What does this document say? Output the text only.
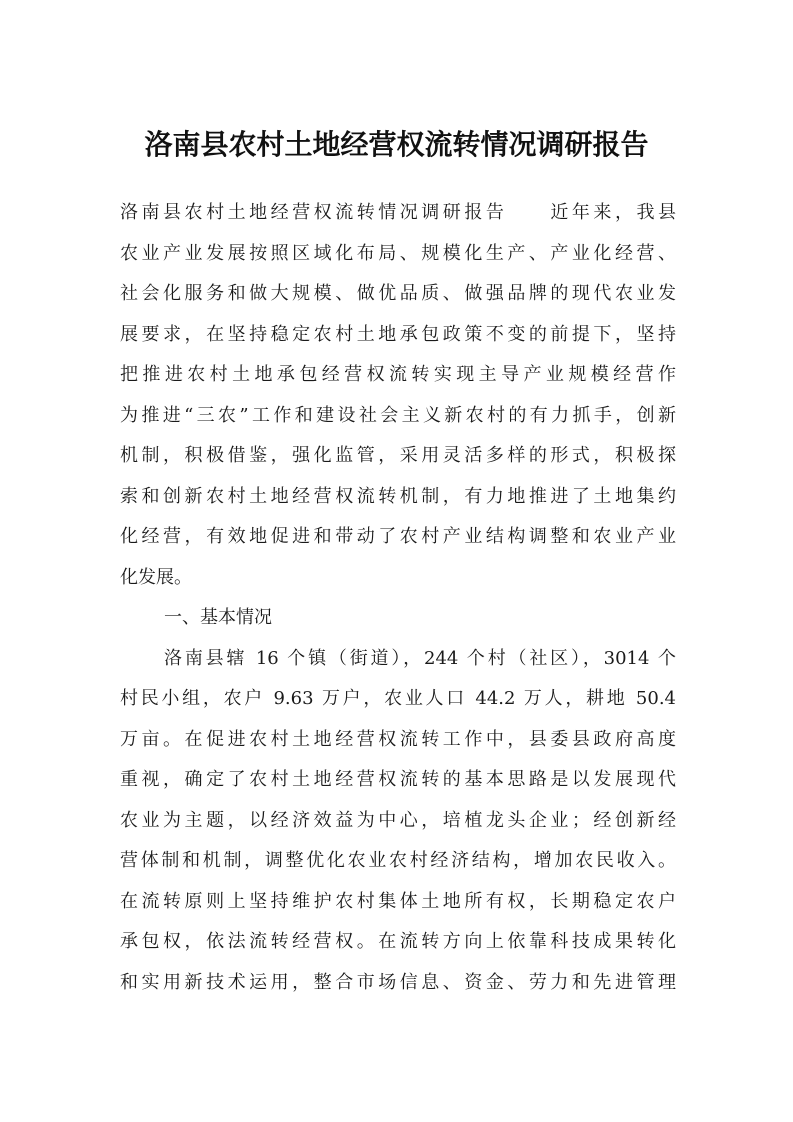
洛南县农村土地经营权流转情况调研报告
洛南县农村土地经营权流转情况调研报告　　近年来，我县
农业产业发展按照区域化布局、规模化生产、产业化经营、
社会化服务和做大规模、做优品质、做强品牌的现代农业发
展要求，在坚持稳定农村土地承包政策不变的前提下，坚持
把推进农村土地承包经营权流转实现主导产业规模经营作
为推进“三农”工作和建设社会主义新农村的有力抓手，创新
机制，积极借鉴，强化监管，采用灵活多样的形式，积极探
索和创新农村土地经营权流转机制，有力地推进了土地集约
化经营，有效地促进和带动了农村产业结构调整和农业产业
化发展。
一、基本情况
洛南县辖 16 个镇（街道），244 个村（社区），3014 个
村民小组，农户 9.63 万户，农业人口 44.2 万人，耕地 50.4
万亩。在促进农村土地经营权流转工作中，县委县政府高度
重视，确定了农村土地经营权流转的基本思路是以发展现代
农业为主题，以经济效益为中心，培植龙头企业；经创新经
营体制和机制，调整优化农业农村经济结构，增加农民收入。
在流转原则上坚持维护农村集体土地所有权，长期稳定农户
承包权，依法流转经营权。在流转方向上依靠科技成果转化
和实用新技术运用，整合市场信息、资金、劳力和先进管理
